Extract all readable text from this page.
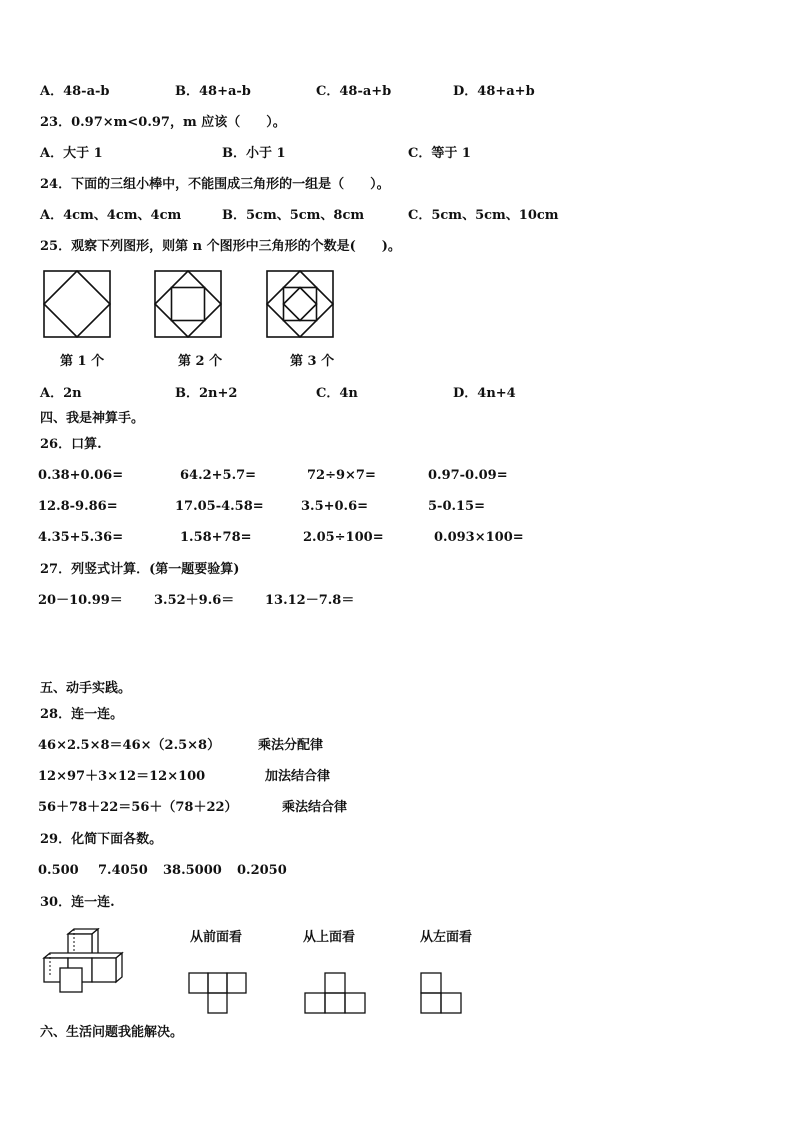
A．48-a-b	B．48+a-b	C．48-a+b	D．48+a+b
23．0.97×m<0.97，m 应该（　　）。
A．大于 1	B．小于 1	C．等于 1
24．下面的三组小棒中，不能围成三角形的一组是（　　）。
A．4cm、4cm、4cm	B．5cm、5cm、8cm	C．5cm、5cm、10cm
25．观察下列图形，则第 n 个图形中三角形的个数是(　　)。
第 1 个	第 2 个	第 3 个
A．2n	B．2n+2	C．4n	D．4n+4
四、我是神算手。
26．口算.
0.38+0.06=	64.2+5.7=	72÷9×7=	0.97-0.09=
12.8-9.86=	17.05-4.58=	3.5+0.6=	5-0.15=
4.35+5.36=	1.58+78=	2.05÷100=	0.093×100=
27．列竖式计算．(第一题要验算)
20－10.99＝ 3.52＋9.6＝ 13.12－7.8＝
五、动手实践。
28．连一连。
46×2.5×8＝46×（2.5×8）	乘法分配律
12×97＋3×12＝12×100	加法结合律
56＋78＋22＝56＋（78＋22）	乘法结合律
29．化简下面各数。
0.500 7.4050 38.5000 0.2050
30．连一连.
从前面看	从上面看	从左面看
六、生活问题我能解决。
